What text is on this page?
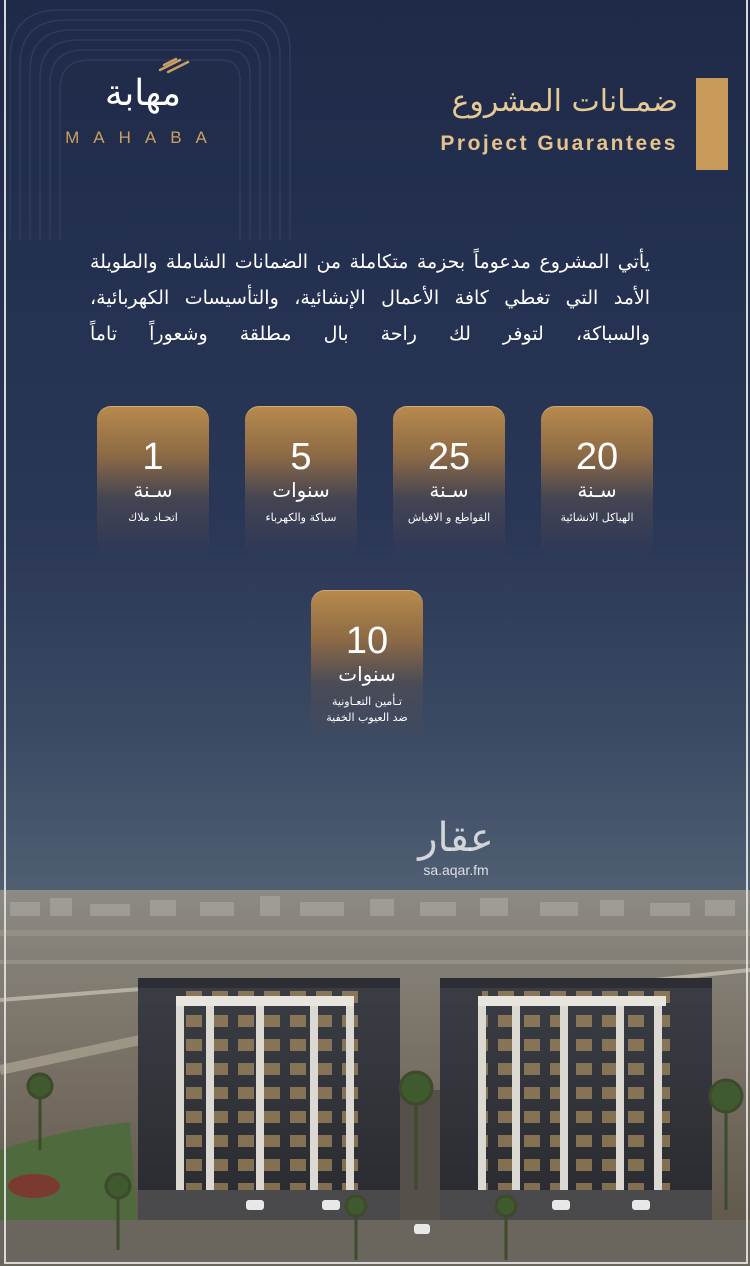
مهابة
MAHABA
ضمـانات المشروع
Project Guarantees
يأتي المشروع مدعوماً بحزمة متكاملة من الضمانات الشاملة والطويلة الأمد التي تغطي كافة الأعمال الإنشائية، والتأسيسات الكهربائية، والسباكة، لتوفر لك راحة بال مطلقة وشعوراً تاماً
20
سـنة
الهياكل الانشائية
25
سـنة
القواطع و الافياش
5
سنوات
سباكة والكهرباء
1
سـنة
اتحـاد ملاك
10
سنوات
تـأمين التعـاونية
ضد العيوب الخفية
عقار
sa.aqar.fm
